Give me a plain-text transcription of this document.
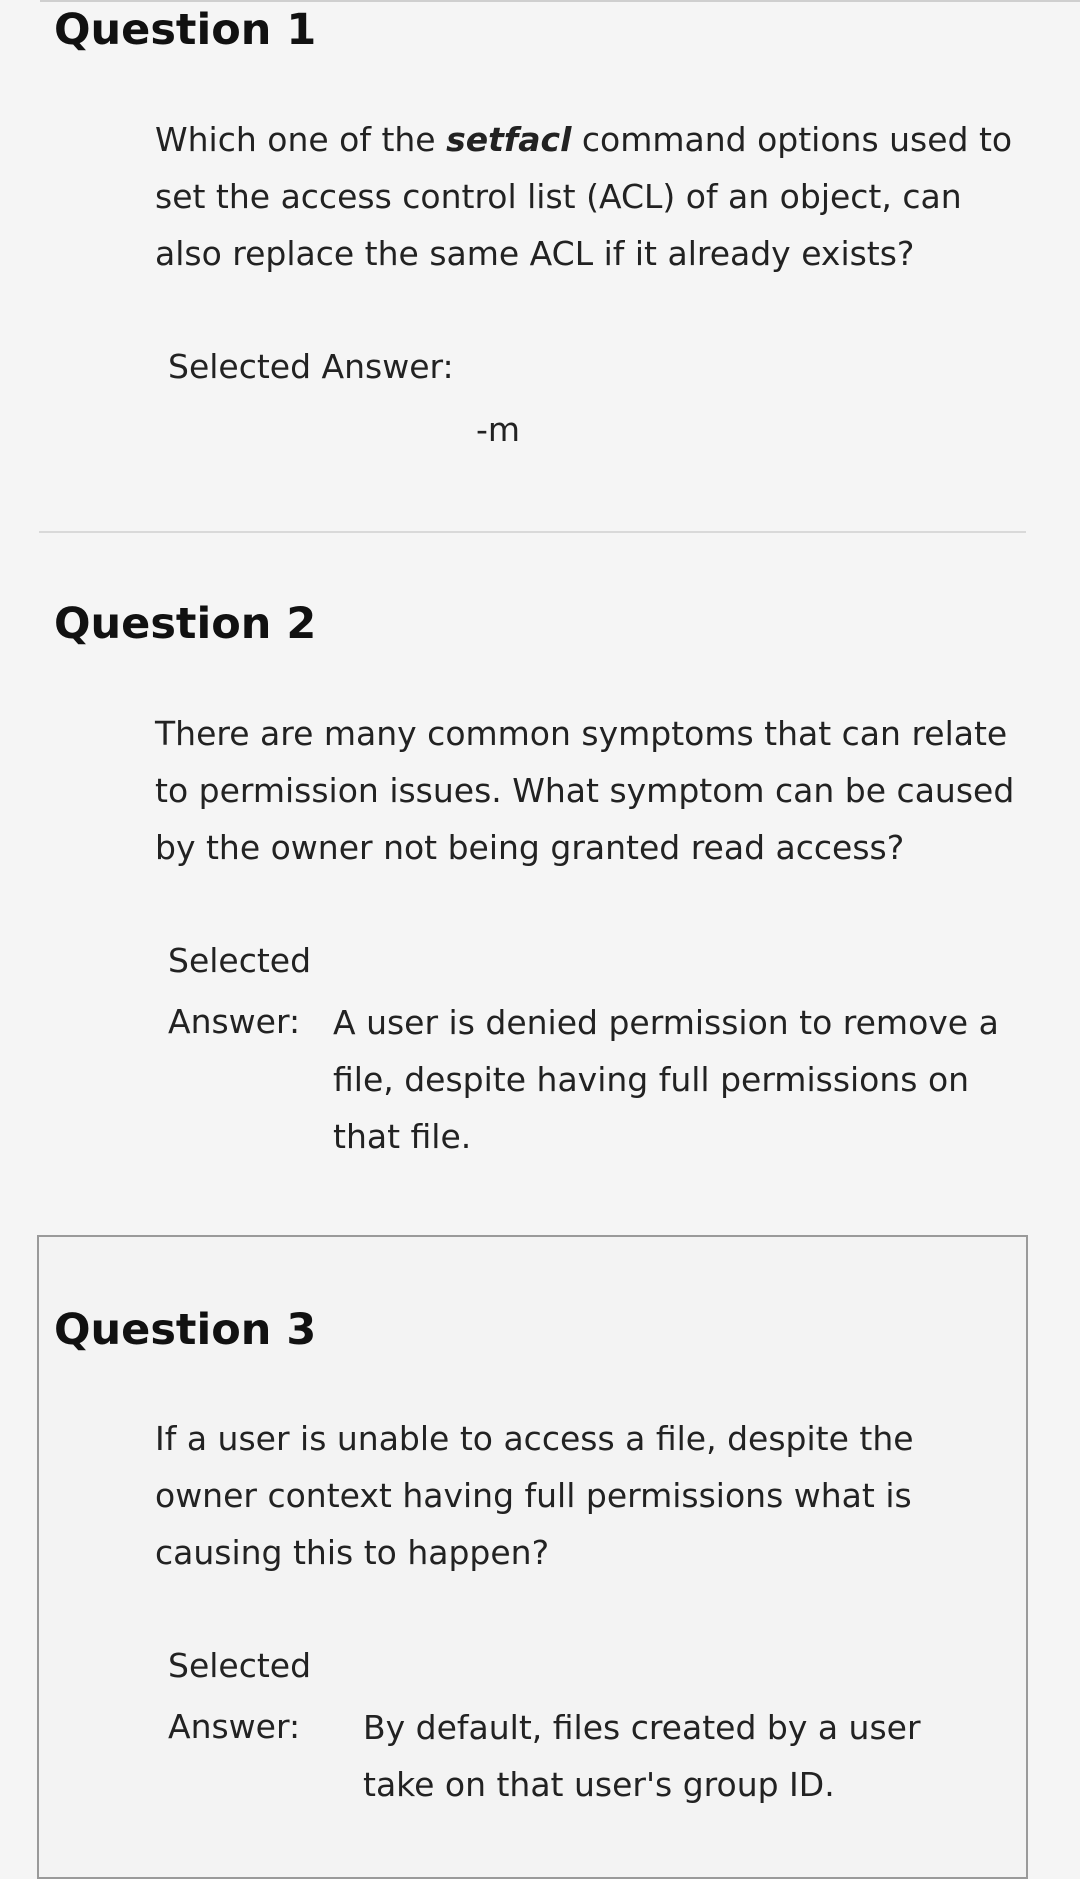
Question 1

Which one of the setfacl command options used to set the access control list (ACL) of an object, can also replace the same ACL if it already exists?

Selected Answer:
-m
Question 2

There are many common symptoms that can relate to permission issues. What symptom can be caused by the owner not being granted read access?

Selected
Answer: A user is denied permission to remove a file, despite having full permissions on that file.
Question 3

If a user is unable to access a file, despite the owner context having full permissions what is causing this to happen?

Selected
Answer:	By default, files created by a user take on that user's group ID.
